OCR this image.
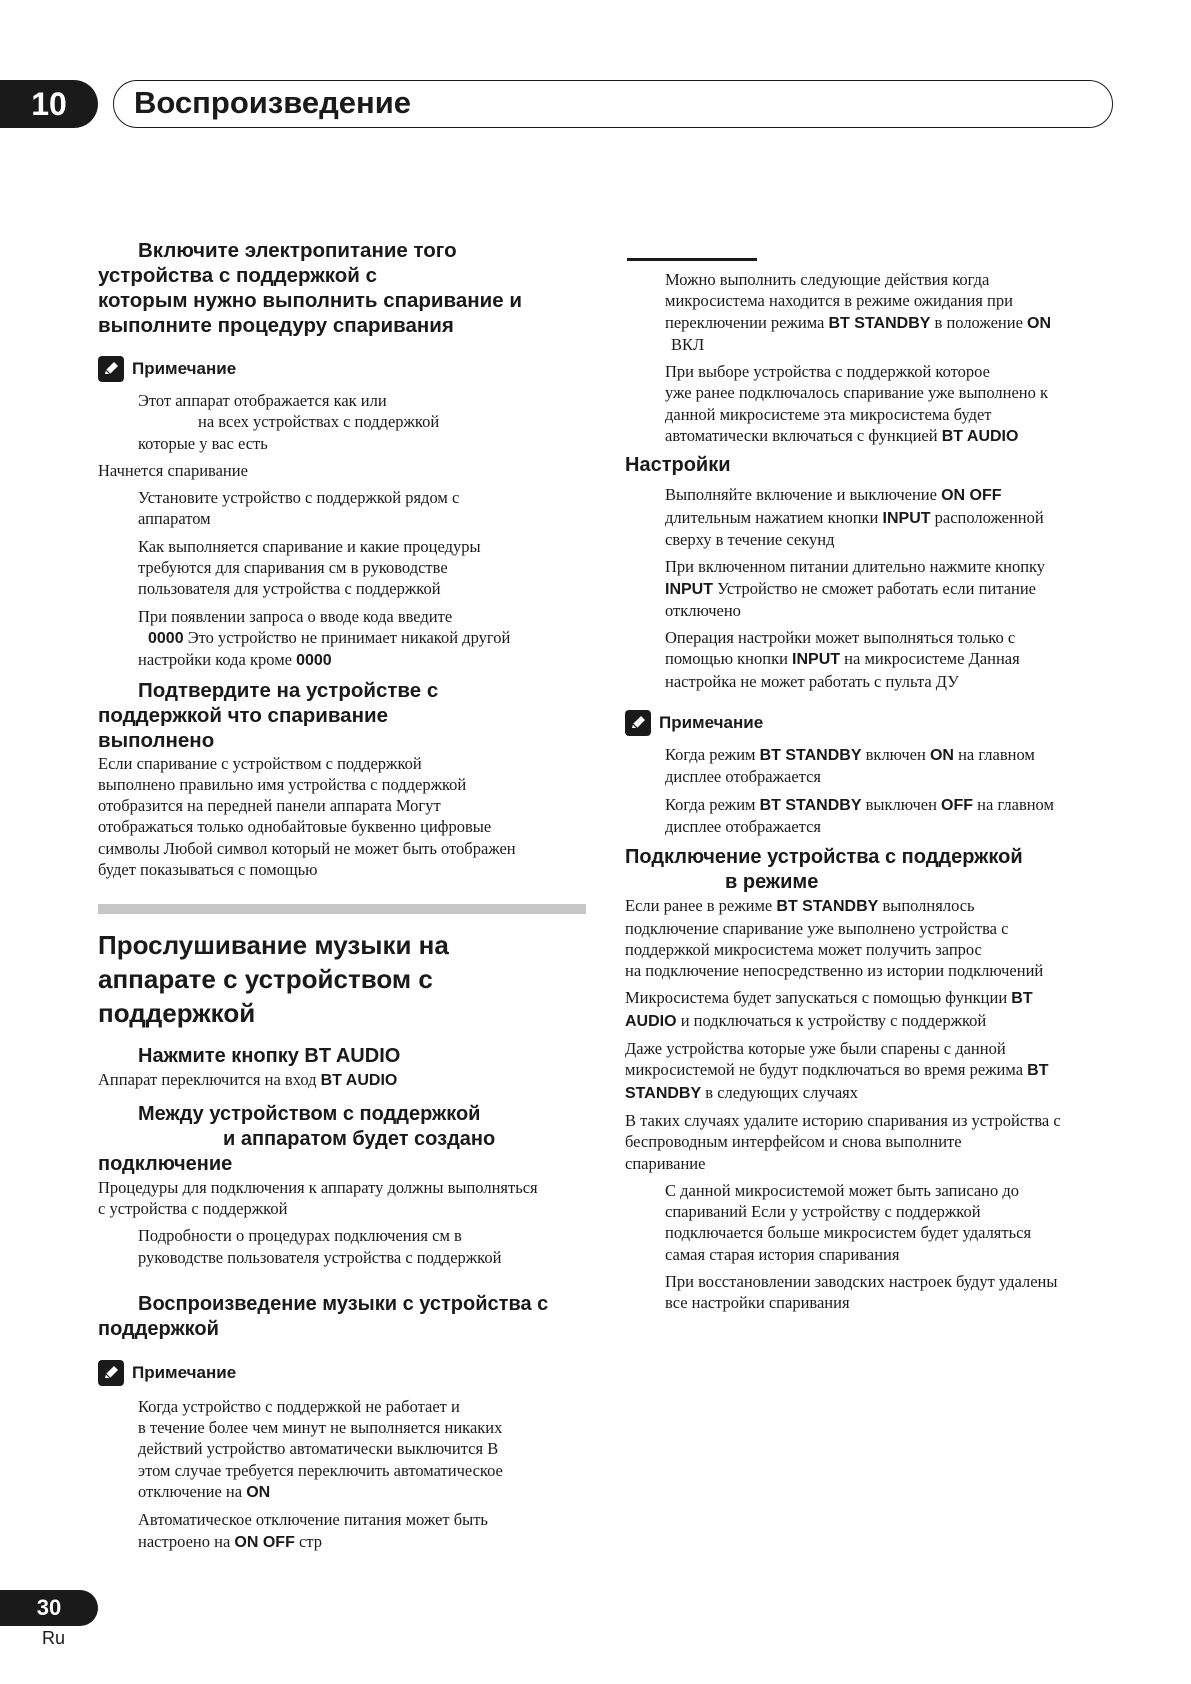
10	Воспроизведение
Включите электропитание того
устройства с поддержкой с
которым нужно выполнить спаривание и
выполните процедуру спаривания
Примечание
Этот аппарат отображается как или
на всех устройствах с поддержкой
которые у вас есть
Начнется спаривание
Установите устройство с поддержкой рядом с
аппаратом
Как выполняется спаривание и какие процедуры
требуются для спаривания см в руководстве
пользователя для устройства с поддержкой
При появлении запроса о вводе кода введите
0000 Это устройство не принимает никакой другой
настройки кода кроме 0000
Подтвердите на устройстве с
поддержкой что спаривание
выполнено
Если спаривание с устройством с поддержкой
выполнено правильно имя устройства с поддержкой
отобразится на передней панели аппарата Могут
отображаться только однобайтовые буквенно цифровые
символы Любой символ который не может быть отображен
будет показываться с помощью
Прослушивание музыки на
аппарате с устройством с
поддержкой
Нажмите кнопку BT AUDIO
Аппарат переключится на вход BT AUDIO
Между устройством с поддержкой
и аппаратом будет создано
подключение
Процедуры для подключения к аппарату должны выполняться
с устройства с поддержкой
Подробности о процедурах подключения см в
руководстве пользователя устройства с поддержкой
Воспроизведение музыки с устройства с
поддержкой
Примечание
Когда устройство с поддержкой не работает и
в течение более чем минут не выполняется никаких
действий устройство автоматически выключится В
этом случае требуется переключить автоматическое
отключение на ON
Автоматическое отключение питания может быть
настроено на ON OFF стр
Можно выполнить следующие действия когда
микросистема находится в режиме ожидания при
переключении режима BT STANDBY в положение ON
ВКЛ
При выборе устройства с поддержкой которое
уже ранее подключалось спаривание уже выполнено к
данной микросистеме эта микросистема будет
автоматически включаться с функцией BT AUDIO
Настройки
Выполняйте включение и выключение ON OFF
длительным нажатием кнопки INPUT расположенной
сверху в течение секунд
При включенном питании длительно нажмите кнопку
INPUT Устройство не сможет работать если питание
отключено
Операция настройки может выполняться только с
помощью кнопки INPUT на микросистеме Данная
настройка не может работать с пульта ДУ
Примечание
Когда режим BT STANDBY включен ON на главном
дисплее отображается
Когда режим BT STANDBY выключен OFF на главном
дисплее отображается
Подключение устройства с поддержкой
в режиме
Если ранее в режиме BT STANDBY выполнялось
подключение спаривание уже выполнено устройства с
поддержкой микросистема может получить запрос
на подключение непосредственно из истории подключений
Микросистема будет запускаться с помощью функции BT
AUDIO и подключаться к устройству с поддержкой
Даже устройства которые уже были спарены с данной
микросистемой не будут подключаться во время режима BT
STANDBY в следующих случаях
В таких случаях удалите историю спаривания из устройства с
беспроводным интерфейсом и снова выполните
спаривание
С данной микросистемой может быть записано до
спариваний Если у устройству с поддержкой
подключается больше микросистем будет удаляться
самая старая история спаривания
При восстановлении заводских настроек будут удалены
все настройки спаривания
30
Ru
